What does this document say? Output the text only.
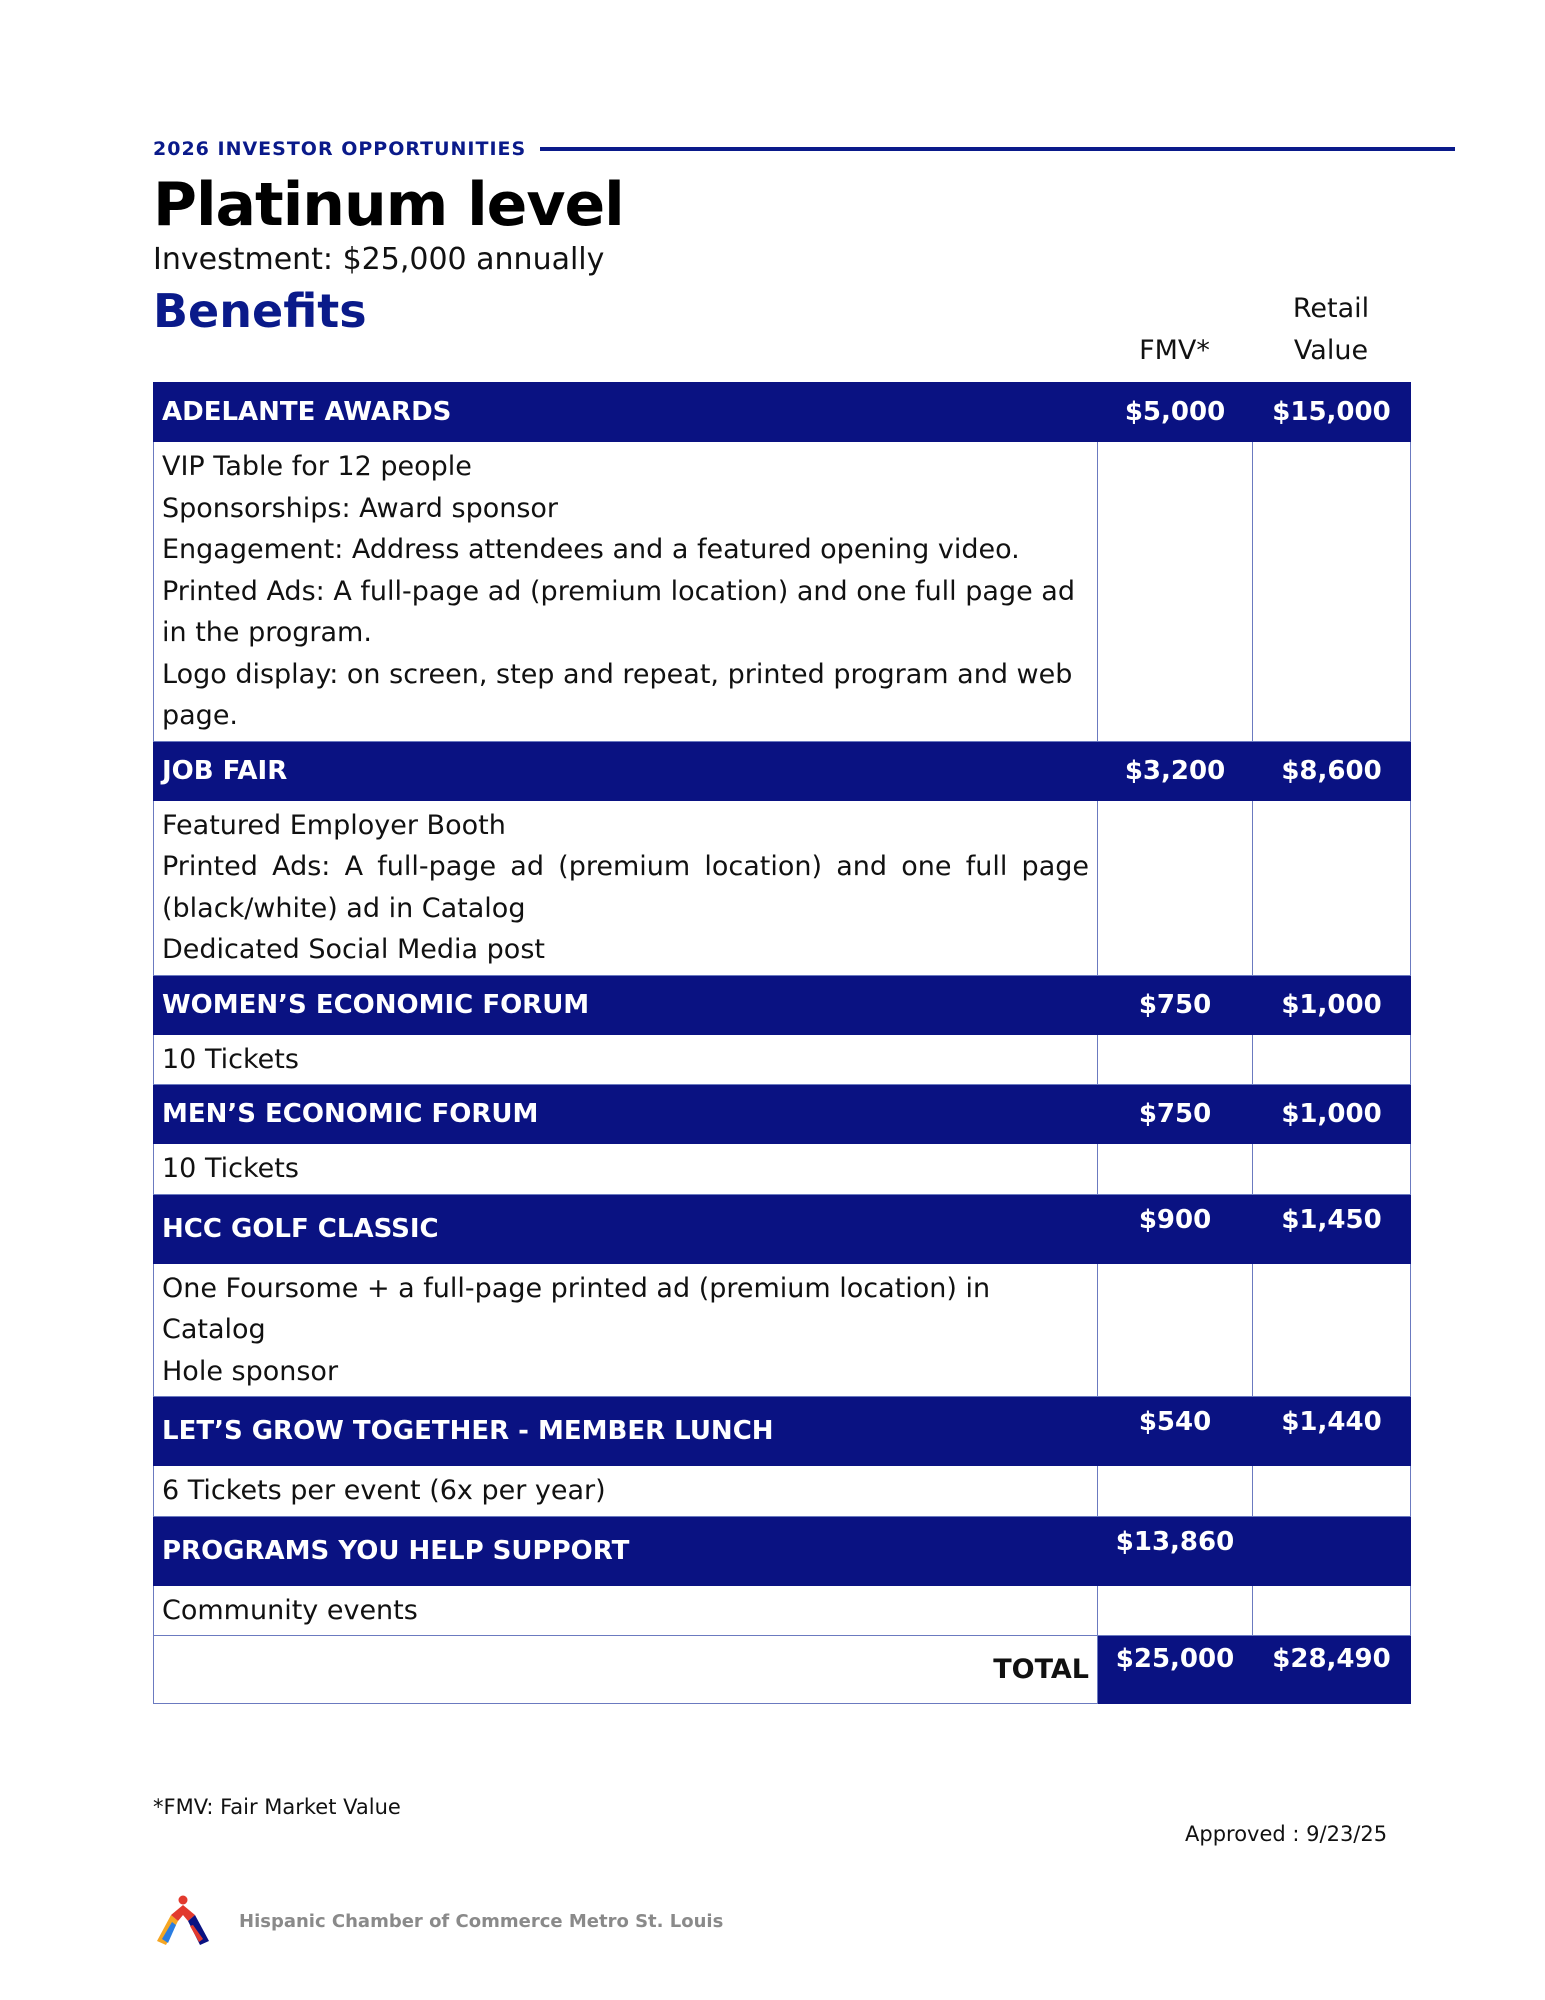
2026 INVESTOR OPPORTUNITIES
Platinum level
Investment: $25,000 annually
Benefits
FMV*
Retail
Value
ADELANTE AWARDS	$5,000	$15,000

VIP Table for 12 people
Sponsorships: Award sponsor
Engagement: Address attendees and a featured opening video.
Printed Ads: A full-page ad (premium location) and one full page ad in the program.
Logo display: on screen, step and repeat, printed program and web page.		

JOB FAIR	$3,200	$8,600

Featured Employer Booth
Printed Ads: A full-page ad (premium location) and one full page (black/white) ad in Catalog
Dedicated Social Media post		

WOMEN’S ECONOMIC FORUM	$750	$1,000

10 Tickets		

MEN’S ECONOMIC FORUM	$750	$1,000

10 Tickets		

HCC GOLF CLASSIC	$900	$1,450

One Foursome + a full-page printed ad (premium location) in Catalog
Hole sponsor		

LET’S GROW TOGETHER - MEMBER LUNCH	$540	$1,440

6 Tickets per event (6x per year)		

PROGRAMS YOU HELP SUPPORT	$13,860	

Community events		

TOTAL	$25,000	$28,490
*FMV: Fair Market Value
Approved : 9/23/25
Hispanic Chamber of Commerce Metro St. Louis
